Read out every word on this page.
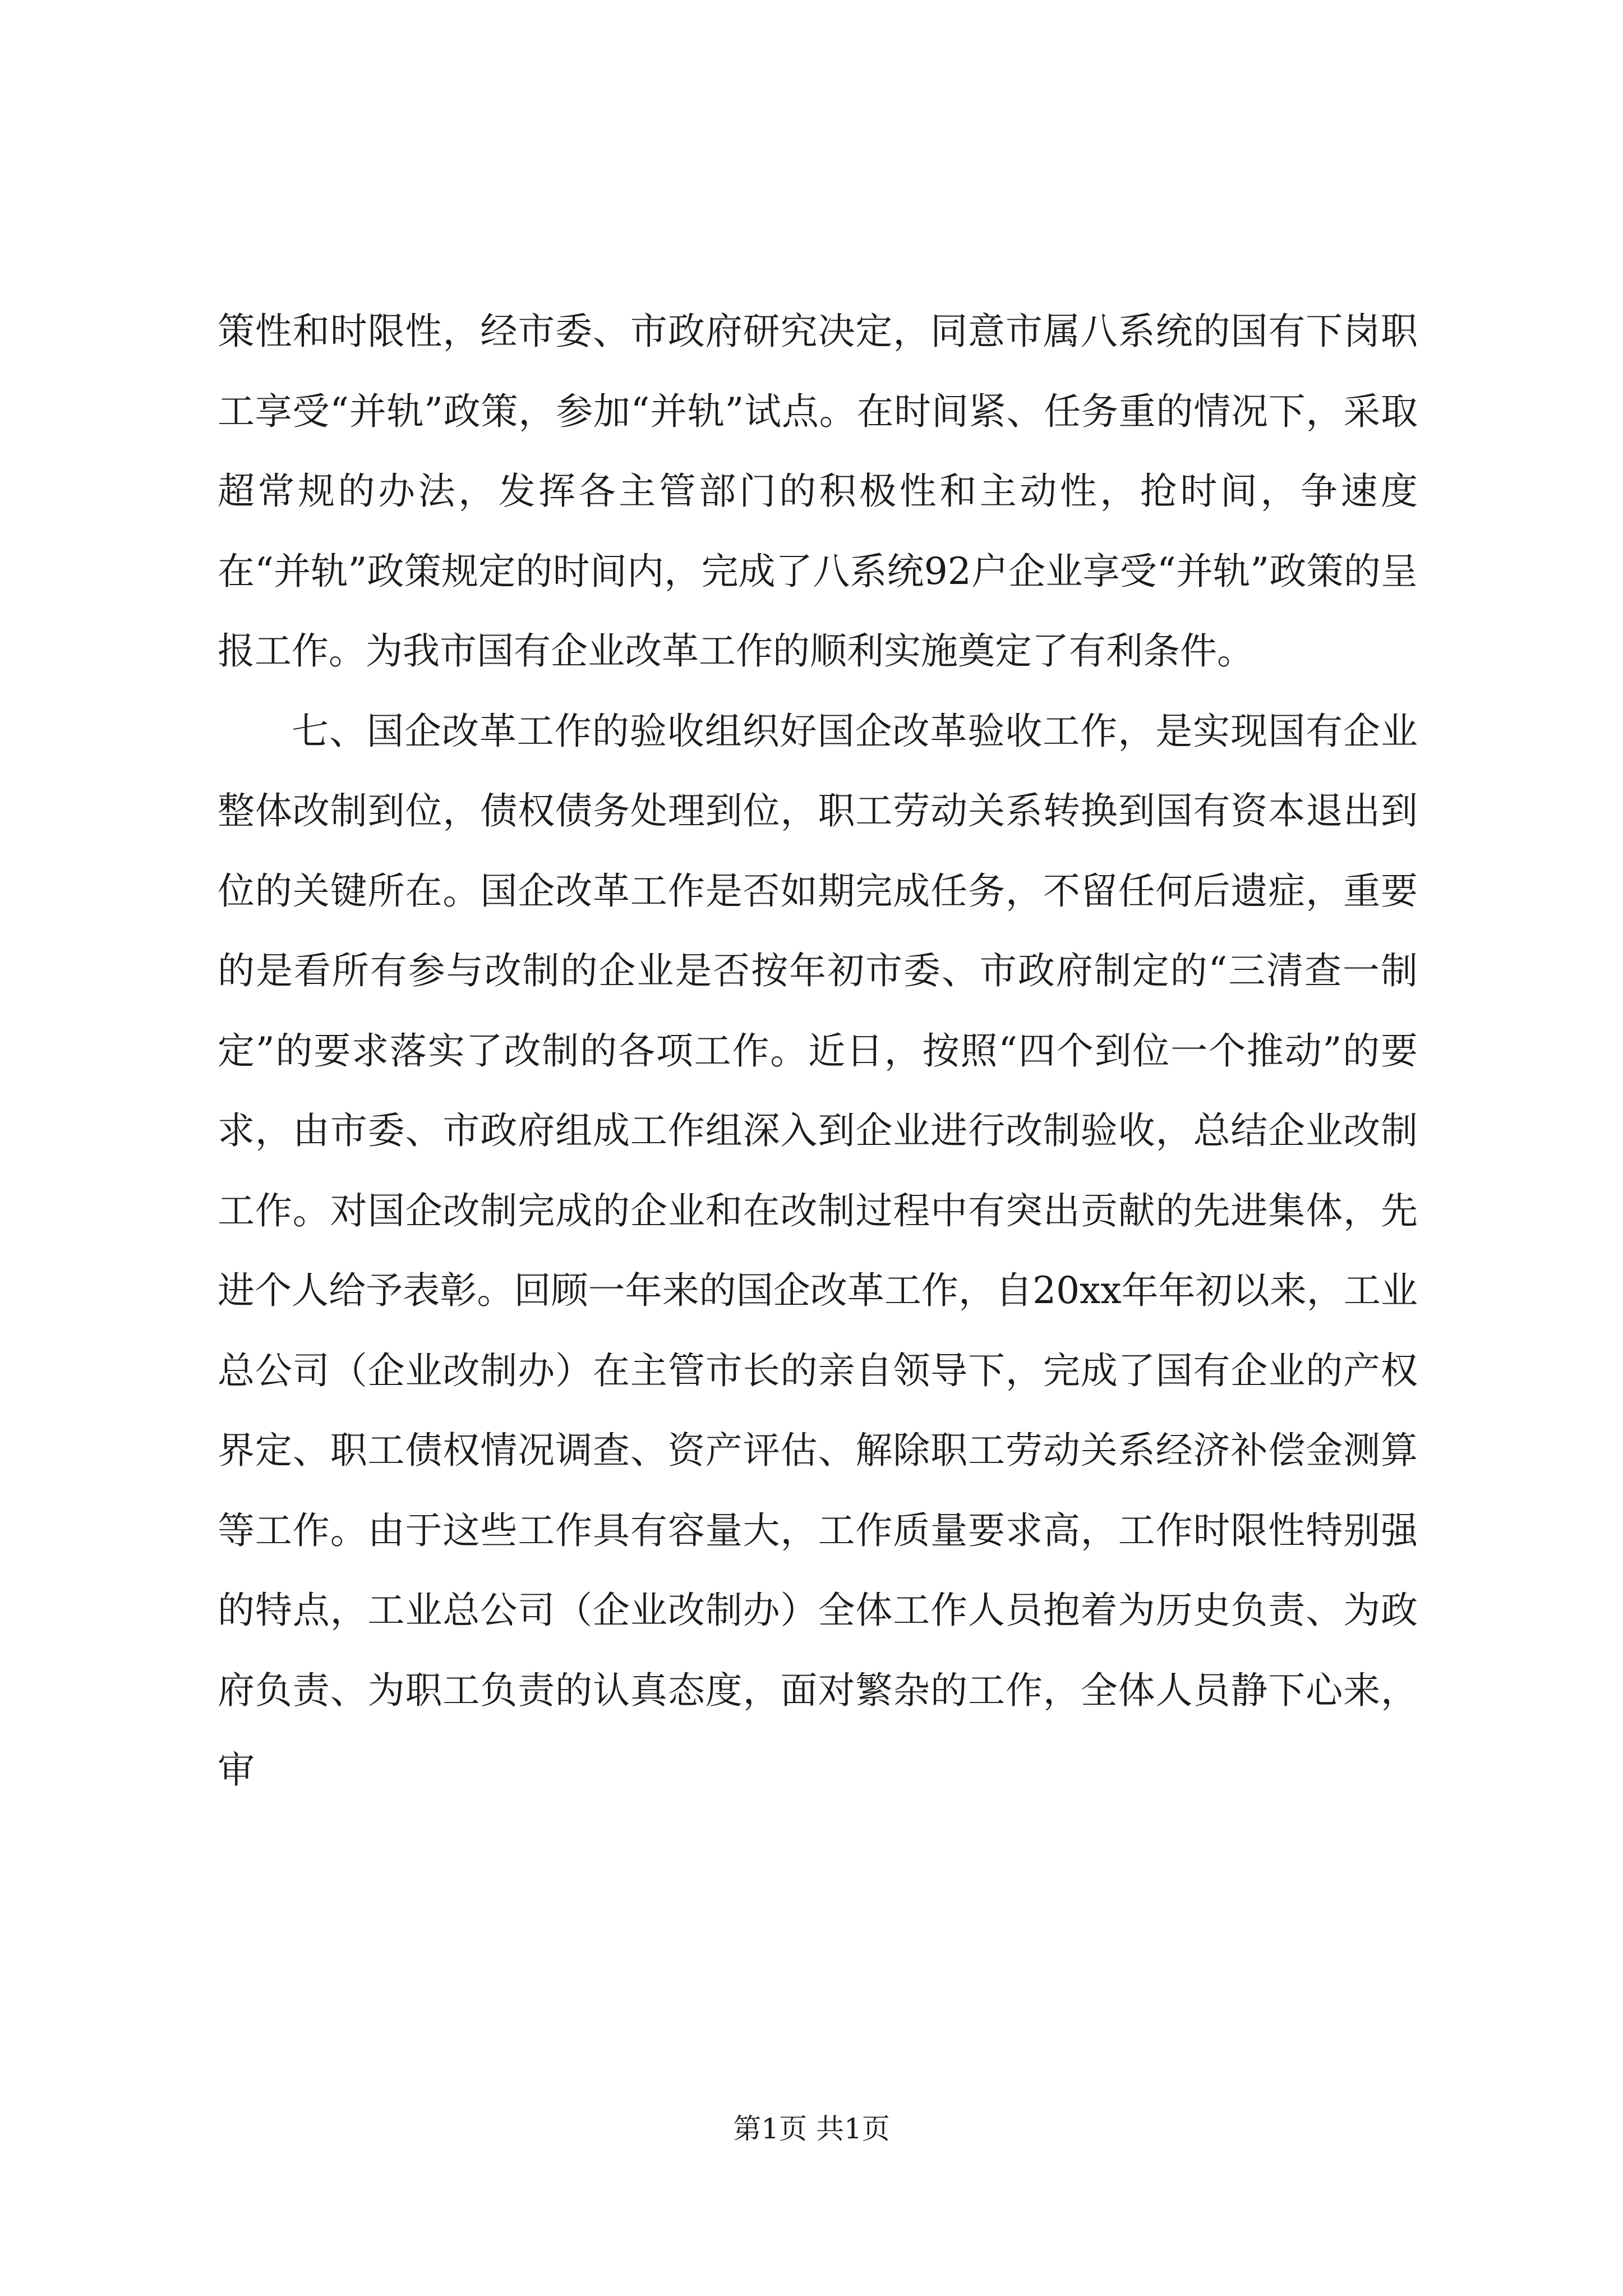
策性和时限性，经市委、市政府研究决定，同意市属八系统的国有下岗职工享受“并轨”政策，参加“并轨”试点。在时间紧、任务重的情况下，采取超常规的办法，发挥各主管部门的积极性和主动性，抢时间，争速度在“并轨”政策规定的时间内，完成了八系统92户企业享受“并轨”政策的呈报工作。为我市国有企业改革工作的顺利实施奠定了有利条件。

七、国企改革工作的验收组织好国企改革验收工作，是实现国有企业整体改制到位，债权债务处理到位，职工劳动关系转换到国有资本退出到位的关键所在。国企改革工作是否如期完成任务，不留任何后遗症，重要的是看所有参与改制的企业是否按年初市委、市政府制定的“三清查一制定”的要求落实了改制的各项工作。近日，按照“四个到位一个推动”的要求，由市委、市政府组成工作组深入到企业进行改制验收，总结企业改制工作。对国企改制完成的企业和在改制过程中有突出贡献的先进集体，先进个人给予表彰。回顾一年来的国企改革工作，自20xx年年初以来，工业总公司（企业改制办）在主管市长的亲自领导下，完成了国有企业的产权界定、职工债权情况调查、资产评估、解除职工劳动关系经济补偿金测算等工作。由于这些工作具有容量大，工作质量要求高，工作时限性特别强的特点，工业总公司（企业改制办）全体工作人员抱着为历史负责、为政府负责、为职工负责的认真态度，面对繁杂的工作，全体人员静下心来，审

第1页 共1页
